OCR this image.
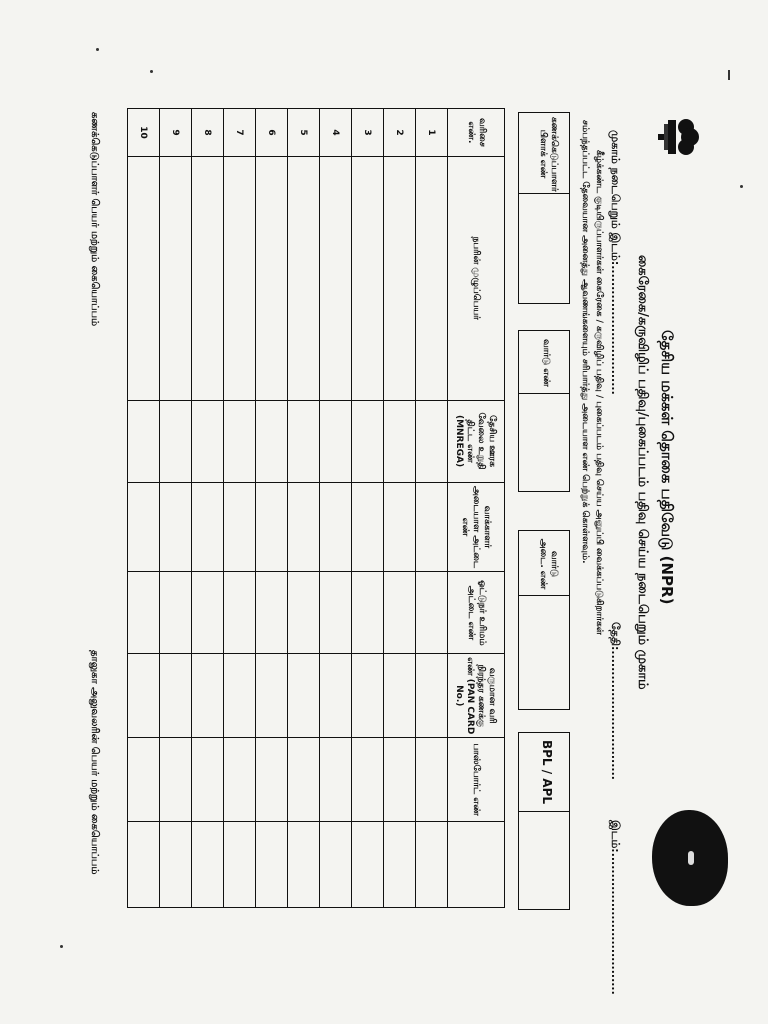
தேசிய மக்கள் தொகை பதிவேடு (NPR)
கைரேகை/கருவிழிப் பதிவு/புகைப்படம் பதிவு செய்ய நடைபெறும் முகாம்
முகாம் நடைபெறும் இடம்:...............................
தேதி:...............................
இடம்:..................................
கீழ்க்கண்ட குடியிருப்பாளர்கள் கைரேகை / கருவிழிப் பதிவு / புகைப்படம் பதிவு செய்ய அனுப்பி வைக்கப்படுகிறார்கள்
சம்பந்தப்பட்ட தேவையான அனைத்து ஆவணங்களையும் சரிபார்த்து அடையாள எண் பெற்றுக் கொள்ளவும்.
கணக்கெடுப்பாளர் பிளாக் எண்
வார்டு எண்
வார்டு அடை. எண்
BPL / APL
வரிசை எண்.	நபரின் முழுப்பெயர்	தேசிய ஊரக வேலை உறுதி திட்ட எண் (MNREGA)	வாக்காளர் அடையாள அட்டை எண்	ஓட்டுநர் உரிமம் அட்டை எண்	வருமான வரி நிரந்தர கணக்கு எண் (PAN CARD No.)	பாஸ்போர்ட் எண்	
1							
2							
3							
4							
5							
6							
7							
8							
9							
10							
கணக்கெடுப்பாளர் பெயர் மற்றும் கையொப்பம்
தாலுகா அலுவலரின் பெயர் மற்றும் கையொப்பம்
